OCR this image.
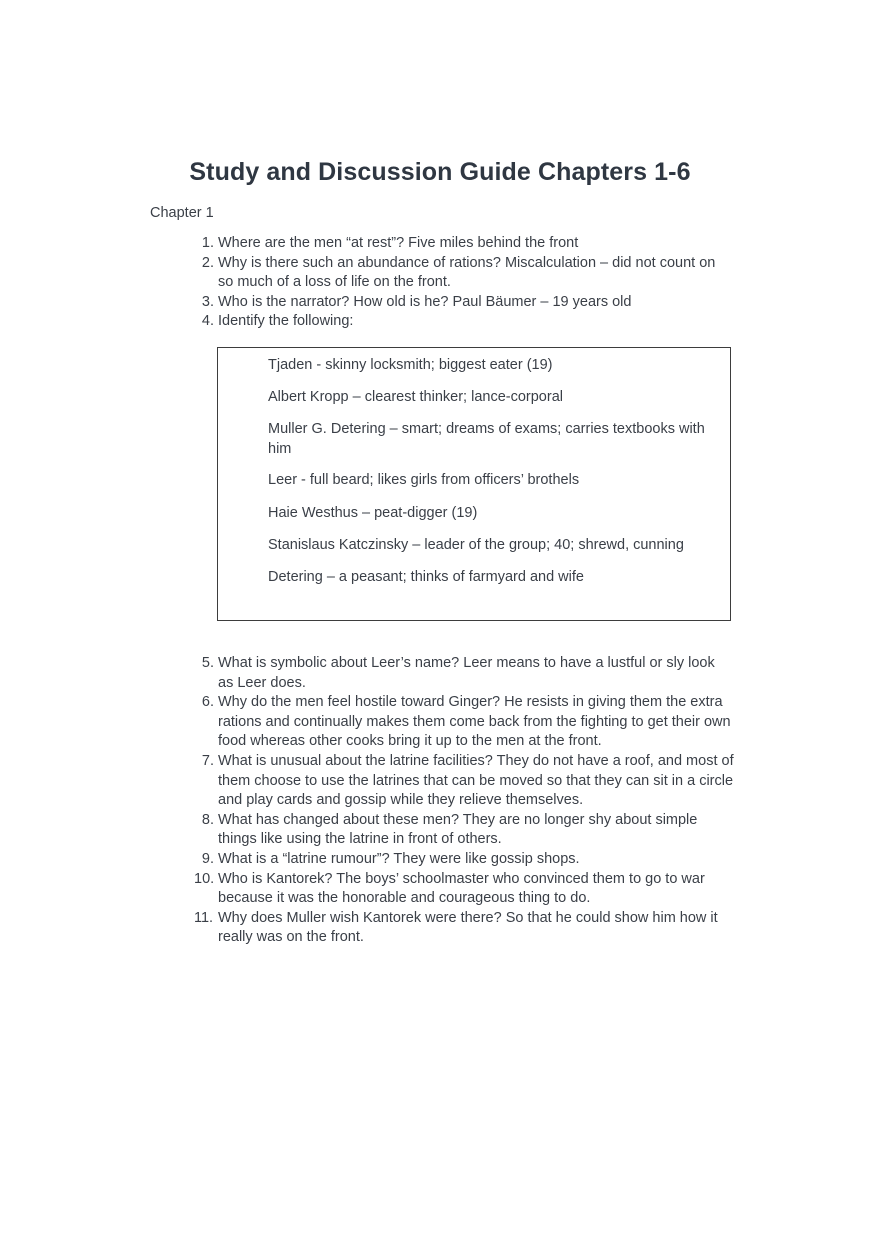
Study and Discussion Guide Chapters 1-6
Chapter 1
1. Where are the men “at rest”? Five miles behind the front
2. Why is there such an abundance of rations? Miscalculation – did not count on so much of a loss of life on the front.
3. Who is the narrator? How old is he? Paul Bäumer – 19 years old
4. Identify the following:

Tjaden - skinny locksmith; biggest eater (19)

Albert Kropp – clearest thinker; lance-corporal

Muller G. Detering – smart; dreams of exams; carries textbooks with him

Leer - full beard; likes girls from officers’ brothels

Haie Westhus – peat-digger (19)

Stanislaus Katczinsky – leader of the group; 40; shrewd, cunning

Detering – a peasant; thinks of farmyard and wife

5. What is symbolic about Leer’s name? Leer means to have a lustful or sly look as Leer does.
6. Why do the men feel hostile toward Ginger? He resists in giving them the extra rations and continually makes them come back from the fighting to get their own food whereas other cooks bring it up to the men at the front.
7. What is unusual about the latrine facilities? They do not have a roof, and most of them choose to use the latrines that can be moved so that they can sit in a circle and play cards and gossip while they relieve themselves.
8. What has changed about these men? They are no longer shy about simple things like using the latrine in front of others.
9. What is a “latrine rumour”? They were like gossip shops.
10. Who is Kantorek? The boys’ schoolmaster who convinced them to go to war because it was the honorable and courageous thing to do.
11. Why does Muller wish Kantorek were there? So that he could show him how it really was on the front.
